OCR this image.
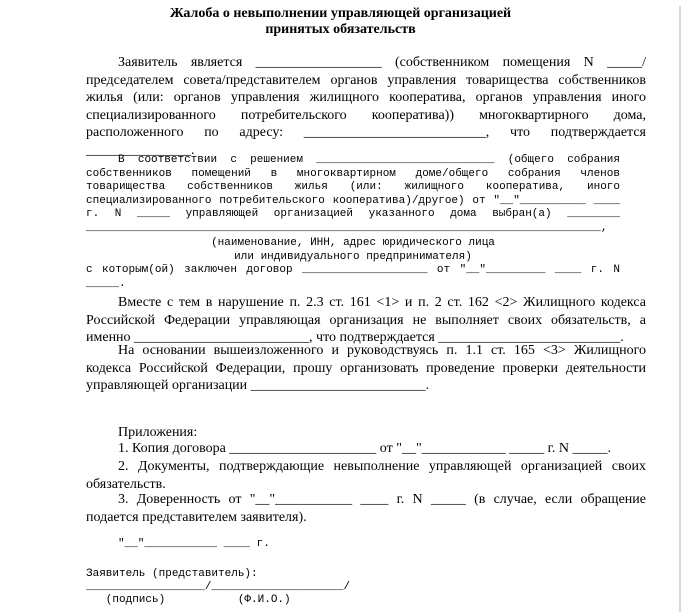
Жалоба о невыполнении управляющей организацией
принятых обязательств
Заявитель является __________________ (собственником помещения N _____/председателем совета/представителем органов управления товарищества собственников жилья (или: органов управления жилищного кооператива, органов управления иного специализированного потребительского кооператива)) многоквартирного дома, расположенного по адресу: __________________________, что подтверждается _______________.
В соответствии с решением ___________________________ (общего собрания собственников помещений в многоквартирном доме/общего собрания членов товарищества собственников жилья (или: жилищного кооператива, иного специализированного потребительского кооператива)/другое) от "__"__________ ____ г. N _____ управляющей организацией указанного дома выбран(а) ________ ______________________________________________________________________________,
(наименование, ИНН, адрес юридического лица
или индивидуального предпринимателя)
с которым(ой) заключен договор ___________________ от "__"_________ ____ г. N _____.
Вместе с тем в нарушение п. 2.3 ст. 161 <1> и п. 2 ст. 162 <2> Жилищного кодекса Российской Федерации управляющая организация не выполняет своих обязательств, а именно _________________________, что подтверждается __________________________.
На основании вышеизложенного и руководствуясь п. 1.1 ст. 165 <3> Жилищного кодекса Российской Федерации, прошу организовать проведение проверки деятельности управляющей организации _________________________.
Приложения:
1. Копия договора _____________________ от "__"____________ _____ г. N _____.
2. Документы, подтверждающие невыполнение управляющей организацией своих обязательств.
3. Доверенность от "__"___________ ____ г. N _____ (в случае, если обращение подается представителем заявителя).
"__"___________ ____ г.
Заявитель (представитель):
__________________/____________________/
(подпись)           (Ф.И.О.)
